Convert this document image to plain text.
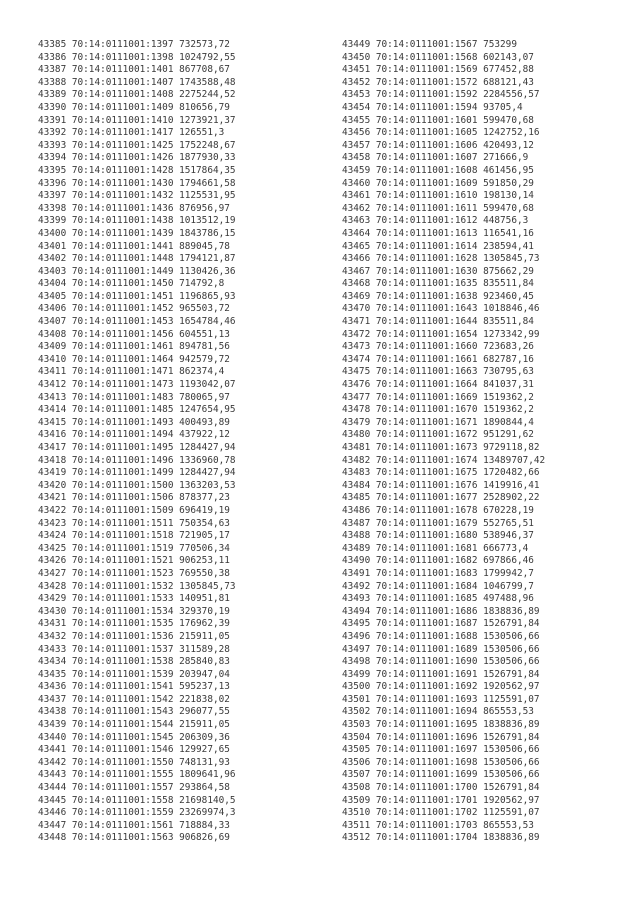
43385 70:14:0111001:1397 732573,72
43386 70:14:0111001:1398 1024792,55
43387 70:14:0111001:1401 867708,67
43388 70:14:0111001:1407 1743588,48
43389 70:14:0111001:1408 2275244,52
43390 70:14:0111001:1409 810656,79
43391 70:14:0111001:1410 1273921,37
43392 70:14:0111001:1417 126551,3
43393 70:14:0111001:1425 1752248,67
43394 70:14:0111001:1426 1877930,33
43395 70:14:0111001:1428 1517864,35
43396 70:14:0111001:1430 1794661,58
43397 70:14:0111001:1432 1125531,95
43398 70:14:0111001:1436 876956,97
43399 70:14:0111001:1438 1013512,19
43400 70:14:0111001:1439 1843786,15
43401 70:14:0111001:1441 889045,78
43402 70:14:0111001:1448 1794121,87
43403 70:14:0111001:1449 1130426,36
43404 70:14:0111001:1450 714792,8
43405 70:14:0111001:1451 1196865,93
43406 70:14:0111001:1452 965503,72
43407 70:14:0111001:1453 1654784,46
43408 70:14:0111001:1456 604551,13
43409 70:14:0111001:1461 894781,56
43410 70:14:0111001:1464 942579,72
43411 70:14:0111001:1471 862374,4
43412 70:14:0111001:1473 1193042,07
43413 70:14:0111001:1483 780065,97
43414 70:14:0111001:1485 1247654,95
43415 70:14:0111001:1493 400493,89
43416 70:14:0111001:1494 437922,12
43417 70:14:0111001:1495 1284427,94
43418 70:14:0111001:1496 1336960,78
43419 70:14:0111001:1499 1284427,94
43420 70:14:0111001:1500 1363203,53
43421 70:14:0111001:1506 878377,23
43422 70:14:0111001:1509 696419,19
43423 70:14:0111001:1511 750354,63
43424 70:14:0111001:1518 721905,17
43425 70:14:0111001:1519 770506,34
43426 70:14:0111001:1521 906253,11
43427 70:14:0111001:1523 769550,38
43428 70:14:0111001:1532 1305845,73
43429 70:14:0111001:1533 140951,81
43430 70:14:0111001:1534 329370,19
43431 70:14:0111001:1535 176962,39
43432 70:14:0111001:1536 215911,05
43433 70:14:0111001:1537 311589,28
43434 70:14:0111001:1538 285840,83
43435 70:14:0111001:1539 203947,04
43436 70:14:0111001:1541 595237,13
43437 70:14:0111001:1542 221838,02
43438 70:14:0111001:1543 296077,55
43439 70:14:0111001:1544 215911,05
43440 70:14:0111001:1545 206309,36
43441 70:14:0111001:1546 129927,65
43442 70:14:0111001:1550 748131,93
43443 70:14:0111001:1555 1809641,96
43444 70:14:0111001:1557 293864,58
43445 70:14:0111001:1558 21698140,5
43446 70:14:0111001:1559 23269974,3
43447 70:14:0111001:1561 718884,33
43448 70:14:0111001:1563 906826,69
43449 70:14:0111001:1567 753299
43450 70:14:0111001:1568 602143,07
43451 70:14:0111001:1569 677452,88
43452 70:14:0111001:1572 688121,43
43453 70:14:0111001:1592 2284556,57
43454 70:14:0111001:1594 93705,4
43455 70:14:0111001:1601 599470,68
43456 70:14:0111001:1605 1242752,16
43457 70:14:0111001:1606 420493,12
43458 70:14:0111001:1607 271666,9
43459 70:14:0111001:1608 461456,95
43460 70:14:0111001:1609 591850,29
43461 70:14:0111001:1610 198130,14
43462 70:14:0111001:1611 599470,68
43463 70:14:0111001:1612 448756,3
43464 70:14:0111001:1613 116541,16
43465 70:14:0111001:1614 238594,41
43466 70:14:0111001:1628 1305845,73
43467 70:14:0111001:1630 875662,29
43468 70:14:0111001:1635 835511,84
43469 70:14:0111001:1638 923460,45
43470 70:14:0111001:1643 1018846,46
43471 70:14:0111001:1644 835511,84
43472 70:14:0111001:1654 1273342,99
43473 70:14:0111001:1660 723683,26
43474 70:14:0111001:1661 682787,16
43475 70:14:0111001:1663 730795,63
43476 70:14:0111001:1664 841037,31
43477 70:14:0111001:1669 1519362,2
43478 70:14:0111001:1670 1519362,2
43479 70:14:0111001:1671 1890844,4
43480 70:14:0111001:1672 951291,62
43481 70:14:0111001:1673 9729118,82
43482 70:14:0111001:1674 13489707,42
43483 70:14:0111001:1675 1720482,66
43484 70:14:0111001:1676 1419916,41
43485 70:14:0111001:1677 2528902,22
43486 70:14:0111001:1678 670228,19
43487 70:14:0111001:1679 552765,51
43488 70:14:0111001:1680 538946,37
43489 70:14:0111001:1681 666773,4
43490 70:14:0111001:1682 697866,46
43491 70:14:0111001:1683 1799942,7
43492 70:14:0111001:1684 1046799,7
43493 70:14:0111001:1685 497488,96
43494 70:14:0111001:1686 1838836,89
43495 70:14:0111001:1687 1526791,84
43496 70:14:0111001:1688 1530506,66
43497 70:14:0111001:1689 1530506,66
43498 70:14:0111001:1690 1530506,66
43499 70:14:0111001:1691 1526791,84
43500 70:14:0111001:1692 1920562,97
43501 70:14:0111001:1693 1125591,07
43502 70:14:0111001:1694 865553,53
43503 70:14:0111001:1695 1838836,89
43504 70:14:0111001:1696 1526791,84
43505 70:14:0111001:1697 1530506,66
43506 70:14:0111001:1698 1530506,66
43507 70:14:0111001:1699 1530506,66
43508 70:14:0111001:1700 1526791,84
43509 70:14:0111001:1701 1920562,97
43510 70:14:0111001:1702 1125591,07
43511 70:14:0111001:1703 865553,53
43512 70:14:0111001:1704 1838836,89
